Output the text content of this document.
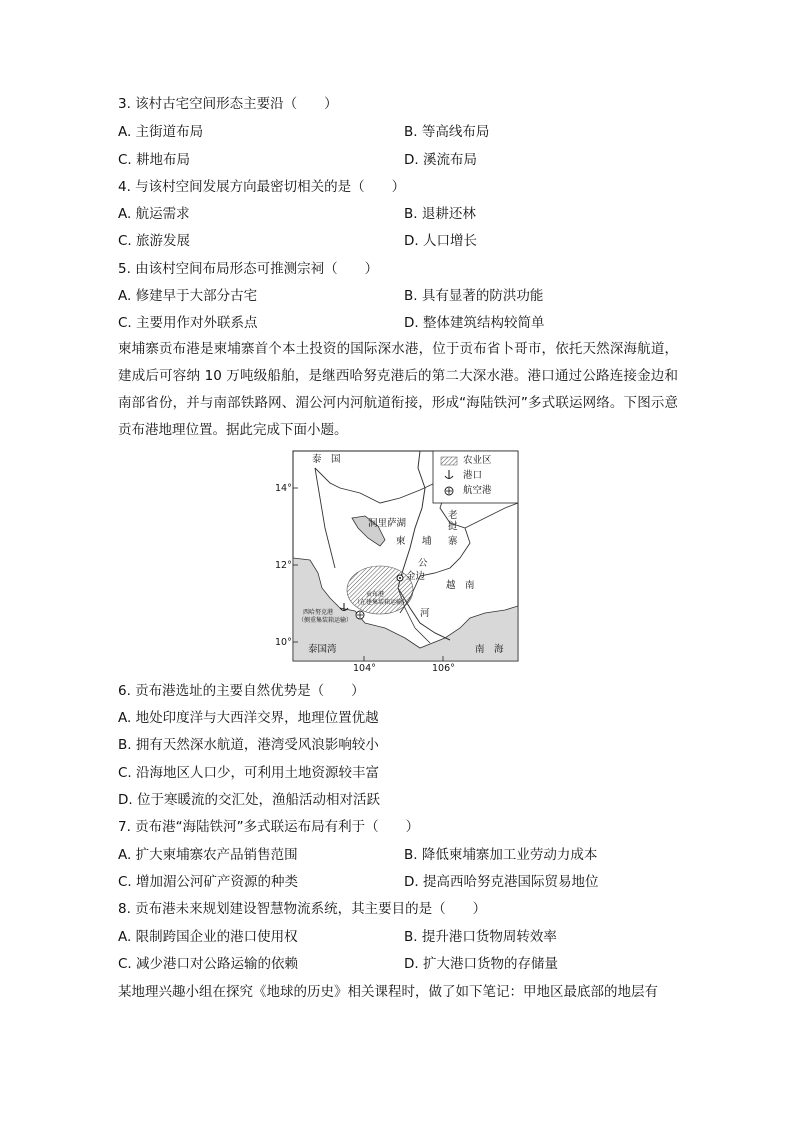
3. 该村古宅空间形态主要沿（　　）
A. 主街道布局	B. 等高线布局
C. 耕地布局	D. 溪流布局
4. 与该村空间发展方向最密切相关的是（　　）
A. 航运需求	B. 退耕还林
C. 旅游发展	D. 人口增长
5. 由该村空间布局形态可推测宗祠（　　）
A. 修建早于大部分古宅	B. 具有显著的防洪功能
C. 主要用作对外联系点	D. 整体建筑结构较简单
柬埔寨贡布港是柬埔寨首个本土投资的国际深水港，位于贡布省卜哥市，依托天然深海航道，建成后可容纳 10 万吨级船舶，是继西哈努克港后的第二大深水港。港口通过公路连接金边和南部省份，并与南部铁路网、湄公河内河航道衔接，形成“海陆铁河”多式联运网络。下图示意贡布港地理位置。据此完成下面小题。
农业区
港口
航空港
泰　国
洞里萨湖
柬 埔 寨
老
挝
公
金边
越　南
河
贡布港
（在建集装箱运输）
西哈努克港
（侧重集装箱运输）
泰国湾	南　海
14°
12°
10°
104°	106°
6. 贡布港选址的主要自然优势是（　　）
A. 地处印度洋与大西洋交界，地理位置优越
B. 拥有天然深水航道，港湾受风浪影响较小
C. 沿海地区人口少，可利用土地资源较丰富
D. 位于寒暖流的交汇处，渔船活动相对活跃
7. 贡布港“海陆铁河”多式联运布局有利于（　　）
A. 扩大柬埔寨农产品销售范围	B. 降低柬埔寨加工业劳动力成本
C. 增加湄公河矿产资源的种类	D. 提高西哈努克港国际贸易地位
8. 贡布港未来规划建设智慧物流系统，其主要目的是（　　）
A. 限制跨国企业的港口使用权	B. 提升港口货物周转效率
C. 减少港口对公路运输的依赖	D. 扩大港口货物的存储量
某地理兴趣小组在探究《地球的历史》相关课程时，做了如下笔记：甲地区最底部的地层有
